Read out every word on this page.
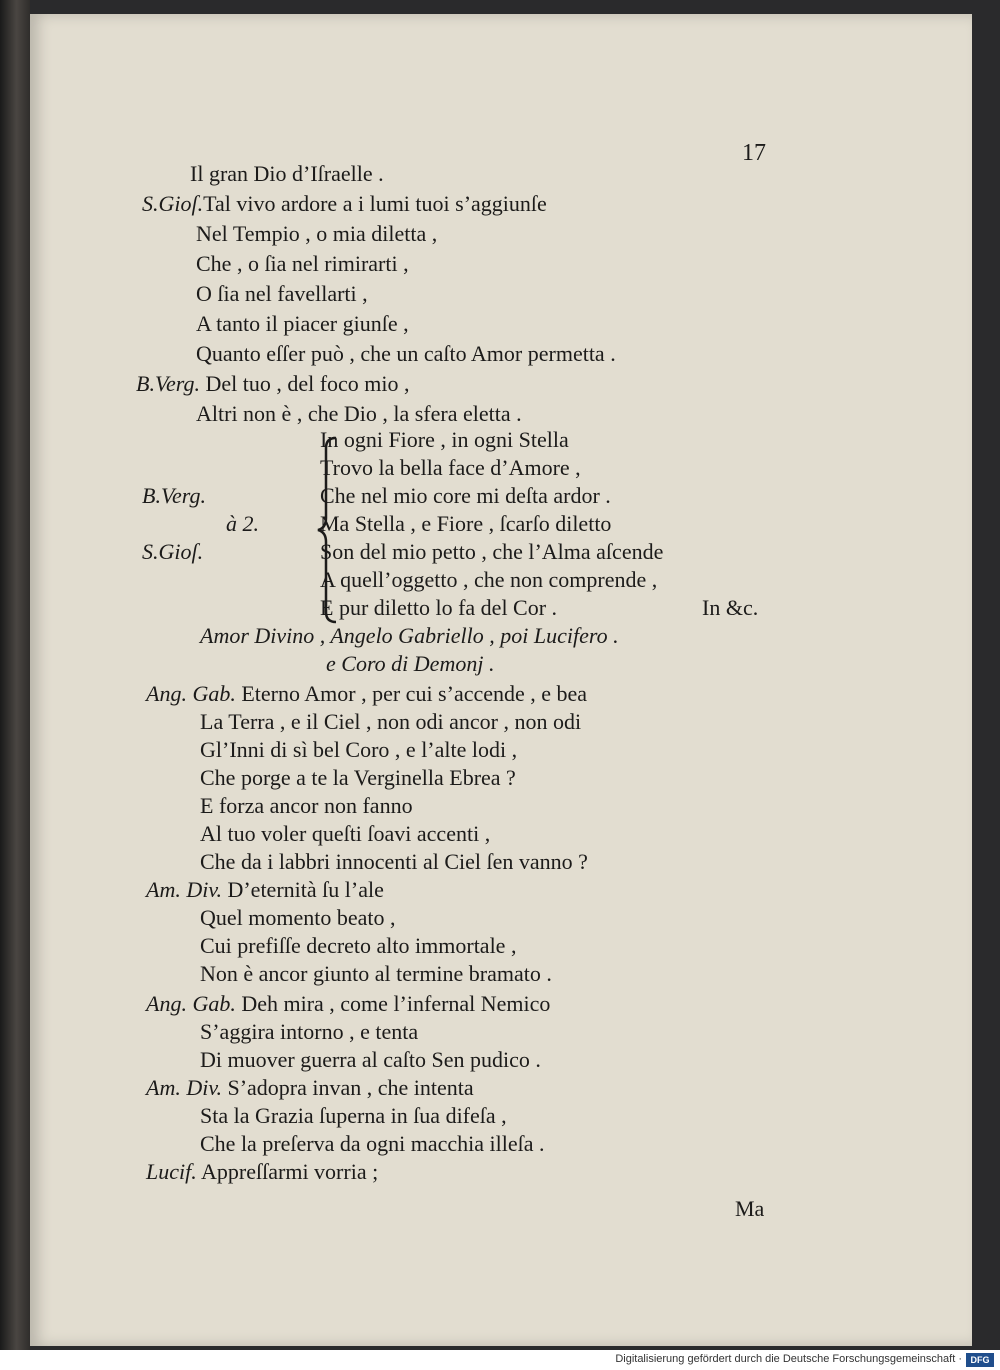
17
Il gran Dio d’Iſraelle .
S.Gioſ.Tal vivo ardore a i lumi tuoi s’aggiunſe
Nel Tempio , o mia diletta ,
Che , o ſia nel rimirarti ,
O ſia nel favellarti ,
A tanto il piacer giunſe ,
Quanto eſſer può , che un caſto Amor permetta .
B.Verg. Del tuo , del foco mio ,
Altri non è , che Dio , la sfera eletta .
In ogni Fiore , in ogni Stella
Trovo la bella face d’Amore ,
B.Verg.	Che nel mio core mi deſta ardor .
à 2.	Ma Stella , e Fiore , ſcarſo diletto
S.Gioſ.	Son del mio petto , che l’Alma aſcende
A quell’oggetto , che non comprende ,
E pur diletto lo fa del Cor .	In &c.
Amor Divino , Angelo Gabriello , poi Lucifero .
e Coro di Demonj .
Ang. Gab. Eterno Amor , per cui s’accende , e bea
La Terra , e il Ciel , non odi ancor , non odi
Gl’Inni di sì bel Coro , e l’alte lodi ,
Che porge a te la Verginella Ebrea ?
E forza ancor non fanno
Al tuo voler queſti ſoavi accenti ,
Che da i labbri innocenti al Ciel ſen vanno ?
Am. Div. D’eternità ſu l’ale
Quel momento beato ,
Cui prefiſſe decreto alto immortale ,
Non è ancor giunto al termine bramato .
Ang. Gab. Deh mira , come l’infernal Nemico
S’aggira intorno , e tenta
Di muover guerra al caſto Sen pudico .
Am. Div. S’adopra invan , che intenta
Sta la Grazia ſuperna in ſua difeſa ,
Che la preſerva da ogni macchia illeſa .
Lucif. Appreſſarmi vorria ;
Ma
Digitalisierung gefördert durch die Deutsche Forschungsgemeinschaft · DFG
